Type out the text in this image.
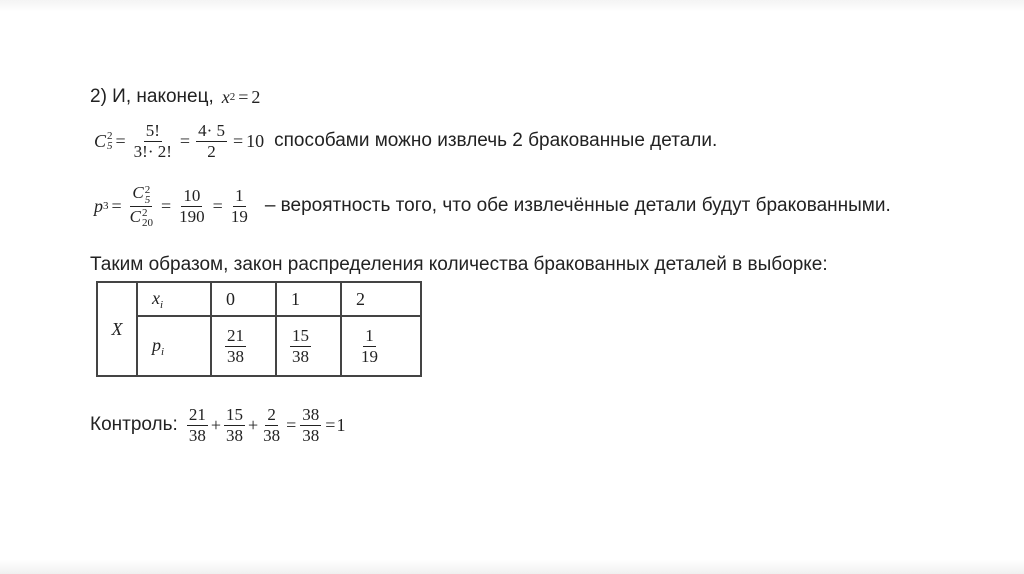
2) И, наконец, x 2 = 2
C 2
$5 = \frac{5!}{3!\cdot 2!} = \frac{4\cdot 5}{2} = 10$ способами можно извлечь 2 бракованные детали.
p 3 = C 2
5
C 2
$20 = \frac{10}{190} = \frac{1}{19}$ – вероятность того, что обе извлечённые детали будут бракованными.
Таким образом, закон распределения количества бракованных деталей в выборке:
X	$x_i$	0	1	2
	$p_i$	$\frac{21}{38}$	$\frac{15}{38}$	$\frac{1}{19}$
Контроль: $\frac{21}{38} + \frac{15}{38} + \frac{2}{38} = \frac{38}{38} = 1$
